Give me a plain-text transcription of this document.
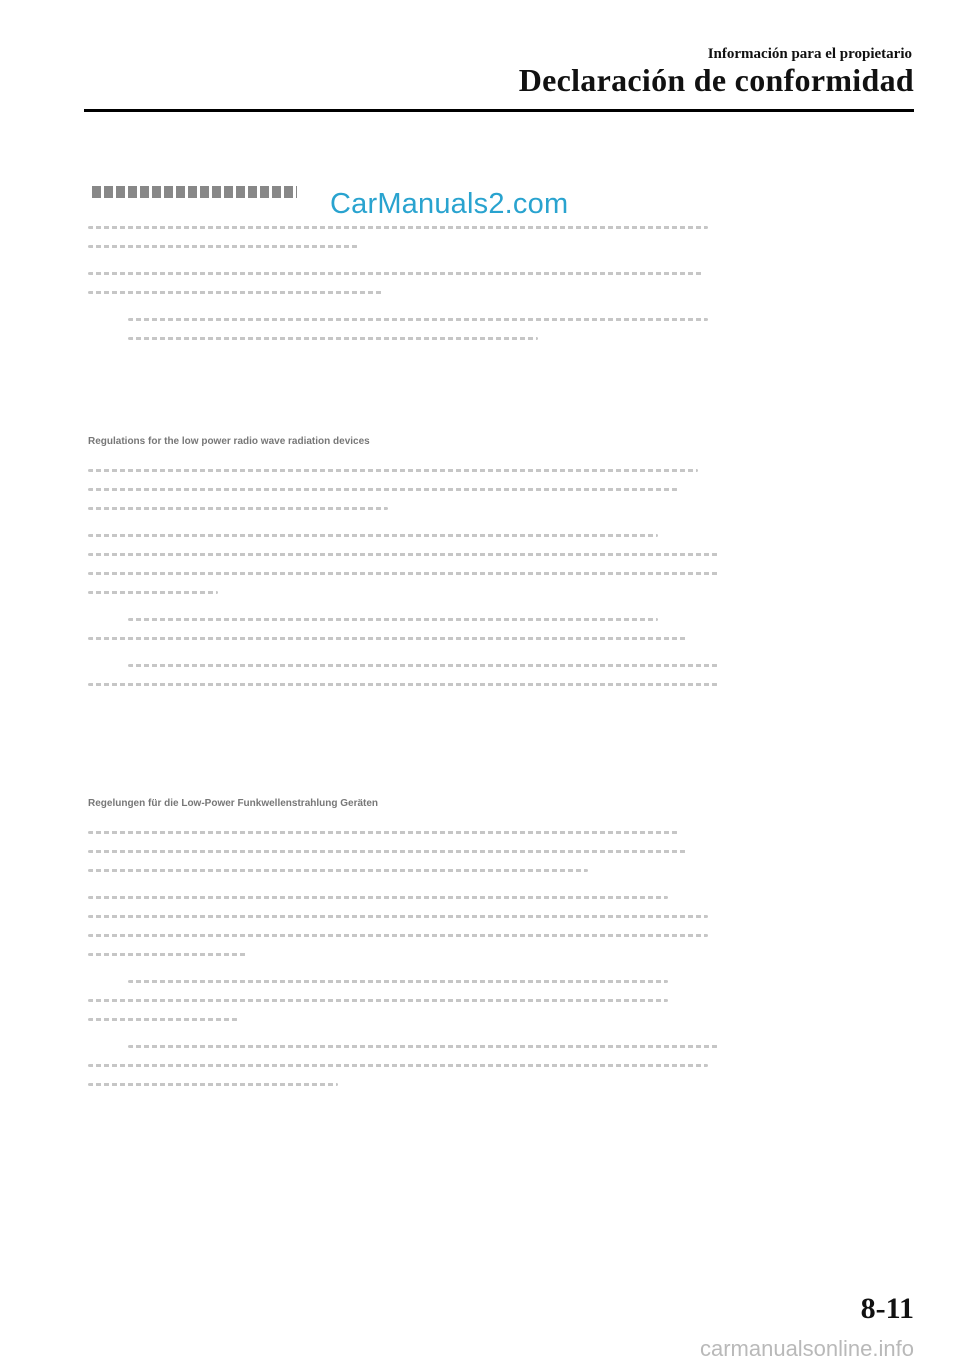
Información para el propietario
Declaración de conformidad
CarManuals2.com
Regulations for the low power radio wave radiation devices
Regelungen für die Low-Power Funkwellenstrahlung Geräten
8-11
carmanualsonline.info
